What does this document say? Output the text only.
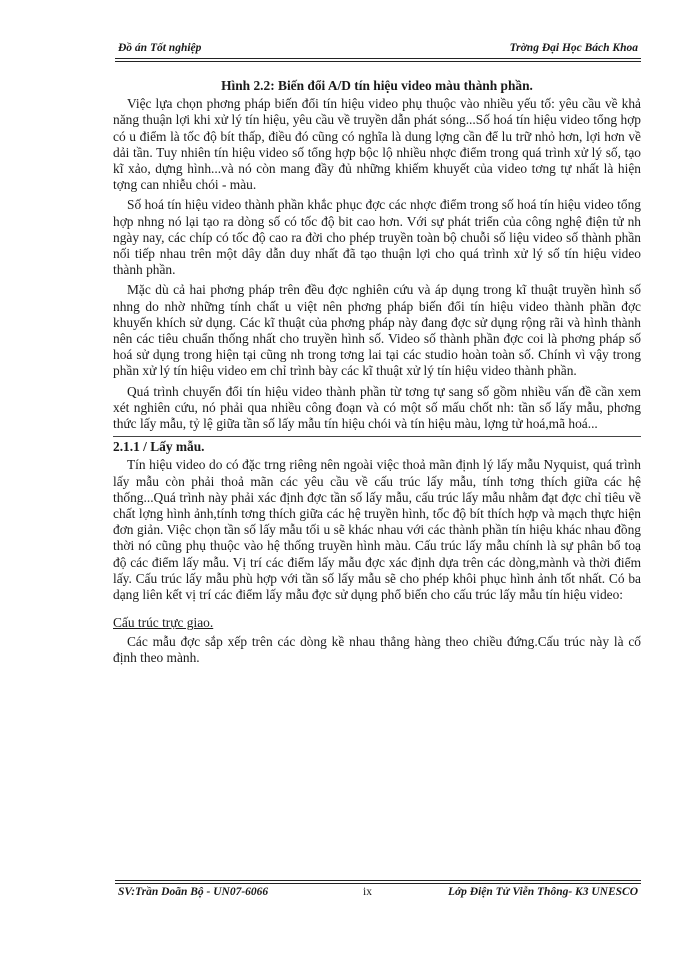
Đồ án Tốt nghiệp	Trờng Đại Học Bách Khoa

Hình 2.2: Biến đổi A/D tín hiệu video màu thành phần.

Việc lựa chọn phơng pháp biến đổi tín hiệu video phụ thuộc vào nhiều yếu tố: yêu cầu về khả năng thuận lợi khi xử lý tín hiệu, yêu cầu về truyền dẫn phát sóng...Số hoá tín hiệu video tổng hợp có u điểm là tốc độ bít thấp, điều đó cũng có nghĩa là dung lợng cần để lu trữ nhỏ hơn, lợi hơn về dải tần. Tuy nhiên tín hiệu video số tổng hợp bộc lộ nhiều nhợc điểm trong quá trình xử lý số, tạo kĩ xảo, dựng hình...và nó còn mang đầy đủ những khiếm khuyết của video tơng tự nhất là hiện tợng can nhiễu chói - màu.

Số hoá tín hiệu video thành phần khắc phục đợc các nhợc điểm trong số hoá tín hiệu video tổng hợp nhng nó lại tạo ra dòng số có tốc độ bit cao hơn. Với sự phát triển của công nghệ điện tử nh ngày nay, các chíp có tốc độ cao ra đời cho phép truyền toàn bộ chuỗi số liệu video số thành phần nối tiếp nhau trên một dây dẫn duy nhất đã tạo thuận lợi cho quá trình xử lý số tín hiệu video thành phần.

Mặc dù cả hai phơng pháp trên đều đợc nghiên cứu và áp dụng trong kĩ thuật truyền hình số nhng do nhờ những tính chất u việt nên phơng pháp biến đổi tín hiệu video thành phần đợc khuyến khích sử dụng. Các kĩ thuật của phơng pháp này đang đợc sử dụng rộng rãi và hình thành nên các tiêu chuẩn thống nhất cho truyền hình số. Video số thành phần đợc coi là phơng pháp số hoá sử dụng trong hiện tại cũng nh trong tơng lai tại các studio hoàn toàn số. Chính vì vậy trong phần xử lý tín hiệu video em chỉ trình bày các kĩ thuật xử lý tín hiệu video thành phần.

Quá trình chuyển đổi tín hiệu video thành phần từ tơng tự sang số gồm nhiều vấn đề cần xem xét nghiên cứu, nó phải qua nhiều công đoạn và có một số mấu chốt nh: tần số lấy mẫu, phơng thức lấy mẫu, tỷ lệ giữa tần số lấy mẫu tín hiệu chói và tín hiệu màu, lợng tử hoá,mã hoá...

2.1.1 / Lấy mẫu.

Tín hiệu video do có đặc trng riêng nên ngoài việc thoả mãn định lý lấy mẫu Nyquist, quá trình lấy mẫu còn phải thoả mãn các yêu cầu về cấu trúc lấy mẫu, tính tơng thích giữa các hệ thống...Quá trình này phải xác định đợc tần số lấy mẫu, cấu trúc lấy mẫu nhằm đạt đợc chỉ tiêu về chất lợng hình ảnh,tính tơng thích giữa các hệ truyền hình, tốc độ bít thích hợp và mạch thực hiện đơn giản. Việc chọn tần số lấy mẫu tối u sẽ khác nhau với các thành phần tín hiệu khác nhau đồng thời nó cũng phụ thuộc vào hệ thống truyền hình màu. Cấu trúc lấy mẫu chính là sự phân bổ toạ độ các điểm lấy mẫu. Vị trí các điểm lấy mẫu đợc xác định dựa trên các dòng,mành và thời điểm lấy. Cấu trúc lấy mẫu phù hợp với tần số lấy mẫu sẽ cho phép khôi phục hình ảnh tốt nhất. Có ba dạng liên kết vị trí các điểm lấy mẫu đợc sử dụng phổ biến cho cấu trúc lấy mẫu tín hiệu video:

Cấu trúc trực giao.

Các mẫu đợc sắp xếp trên các dòng kề nhau thẳng hàng theo chiều đứng.Cấu trúc này là cố định theo mành.

SV:Trần Doãn Bộ - UN07-6066	ix	Lớp Điện Tử Viễn Thông- K3 UNESCO
